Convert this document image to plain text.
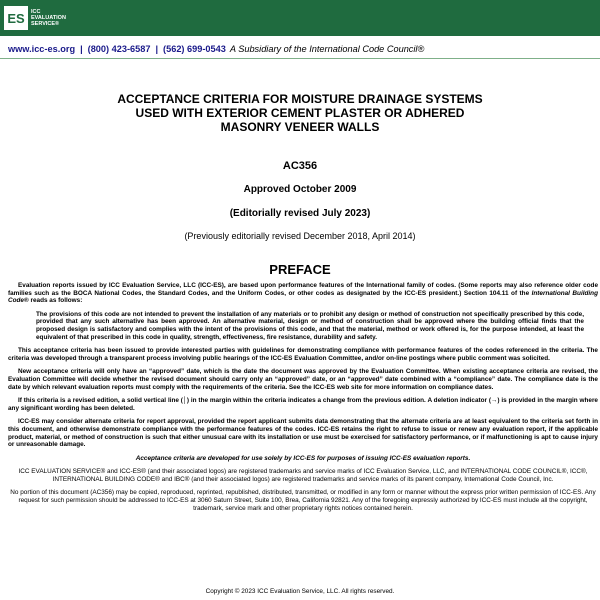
ES	ICC
EVALUATION
SERVICE®
www.icc-es.org | (800) 423-6587 | (562) 699-0543 A Subsidiary of the International Code Council®
ACCEPTANCE CRITERIA FOR MOISTURE DRAINAGE SYSTEMS
USED WITH EXTERIOR CEMENT PLASTER OR ADHERED
MASONRY VENEER WALLS
AC356
Approved October 2009
(Editorially revised July 2023)
(Previously editorially revised December 2018, April 2014)
PREFACE

Evaluation reports issued by ICC Evaluation Service, LLC (ICC-ES), are based upon performance features of the International family of codes. (Some reports may also reference older code families such as the BOCA National Codes, the Standard Codes, and the Uniform Codes, or other codes as designated by the ICC-ES president.) Section 104.11 of the International Building Code® reads as follows:

The provisions of this code are not intended to prevent the installation of any materials or to prohibit any design or method of construction not specifically prescribed by this code, provided that any such alternative has been approved. An alternative material, design or method of construction shall be approved where the building official finds that the proposed design is satisfactory and complies with the intent of the provisions of this code, and that the material, method or work offered is, for the purpose intended, at least the equivalent of that prescribed in this code in quality, strength, effectiveness, fire resistance, durability and safety.

This acceptance criteria has been issued to provide interested parties with guidelines for demonstrating compliance with performance features of the codes referenced in the criteria. The criteria was developed through a transparent process involving public hearings of the ICC-ES Evaluation Committee, and/or on-line postings where public comment was solicited.

New acceptance criteria will only have an “approved” date, which is the date the document was approved by the Evaluation Committee. When existing acceptance criteria are revised, the Evaluation Committee will decide whether the revised document should carry only an “approved” date, or an “approved” date combined with a “compliance” date. The compliance date is the date by which relevant evaluation reports must comply with the requirements of the criteria. See the ICC-ES web site for more information on compliance dates.

If this criteria is a revised edition, a solid vertical line (│) in the margin within the criteria indicates a change from the previous edition. A deletion indicator (→) is provided in the margin where any significant wording has been deleted.

ICC-ES may consider alternate criteria for report approval, provided the report applicant submits data demonstrating that the alternate criteria are at least equivalent to the criteria set forth in this document, and otherwise demonstrate compliance with the performance features of the codes. ICC-ES retains the right to refuse to issue or renew any evaluation report, if the applicable product, material, or method of construction is such that either unusual care with its installation or use must be exercised for satisfactory performance, or if malfunctioning is apt to cause injury or unreasonable damage.

Acceptance criteria are developed for use solely by ICC-ES for purposes of issuing ICC-ES evaluation reports.

ICC EVALUATION SERVICE® and ICC-ES® (and their associated logos) are registered trademarks and service marks of ICC Evaluation Service, LLC, and INTERNATIONAL CODE COUNCIL®, ICC®, INTERNATIONAL BUILDING CODE® and IBC® (and their associated logos) are registered trademarks and service marks of its parent company, International Code Council, Inc.

No portion of this document (AC356) may be copied, reproduced, reprinted, republished, distributed, transmitted, or modified in any form or manner without the express prior written permission of ICC-ES. Any request for such permission should be addressed to ICC-ES at 3060 Saturn Street, Suite 100, Brea, California 92821. Any of the foregoing expressly authorized by ICC-ES must include all the copyright, trademark, service mark and other proprietary rights notices contained herein.

Copyright © 2023 ICC Evaluation Service, LLC. All rights reserved.
